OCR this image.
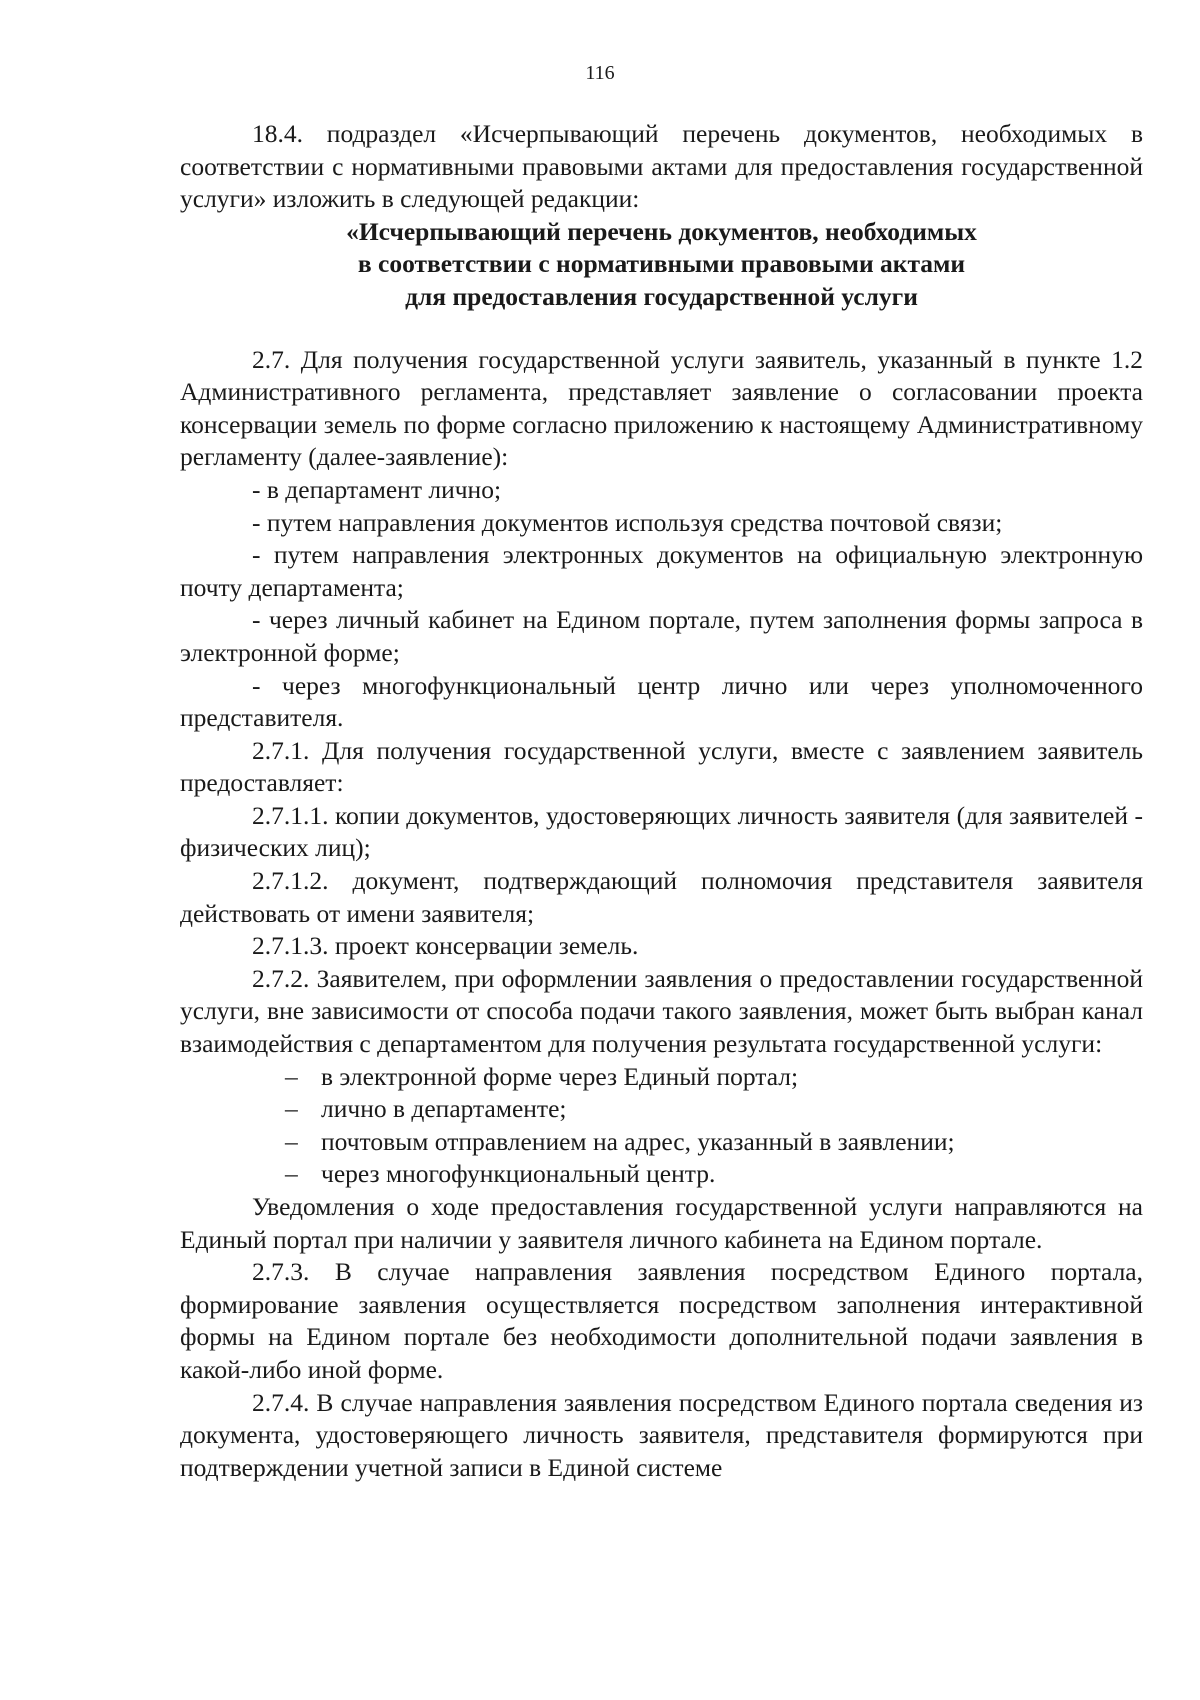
116

18.4. подраздел «Исчерпывающий перечень документов, необходимых в соответствии с нормативными правовыми актами для предоставления государственной услуги» изложить в следующей редакции:

«Исчерпывающий перечень документов, необходимых

в соответствии с нормативными правовыми актами

для предоставления государственной услуги

2.7. Для получения государственной услуги заявитель, указанный в пункте 1.2 Административного регламента, представляет заявление о согласовании проекта консервации земель по форме согласно приложению к настоящему Административному регламенту (далее-заявление):

- в департамент лично;

- путем направления документов используя средства почтовой связи;

- путем направления электронных документов на официальную электронную почту департамента;

- через личный кабинет на Едином портале, путем заполнения формы запроса в электронной форме;

- через многофункциональный центр лично или через уполномоченного представителя.

2.7.1. Для получения государственной услуги, вместе с заявлением заявитель предоставляет:

2.7.1.1. копии документов, удостоверяющих личность заявителя (для заявителей - физических лиц);

2.7.1.2. документ, подтверждающий полномочия представителя заявителя действовать от имени заявителя;

2.7.1.3. проект консервации земель.

2.7.2. Заявителем, при оформлении заявления о предоставлении государственной услуги, вне зависимости от способа подачи такого заявления, может быть выбран канал взаимодействия с департаментом для получения результата государственной услуги:

– в электронной форме через Единый портал;

– лично в департаменте;

– почтовым отправлением на адрес, указанный в заявлении;

– через многофункциональный центр.

Уведомления о ходе предоставления государственной услуги направляются на Единый портал при наличии у заявителя личного кабинета на Едином портале.

2.7.3. В случае направления заявления посредством Единого портала, формирование заявления осуществляется посредством заполнения интерактивной формы на Едином портале без необходимости дополнительной подачи заявления в какой-либо иной форме.

2.7.4. В случае направления заявления посредством Единого портала сведения из документа, удостоверяющего личность заявителя, представителя формируются при подтверждении учетной записи в Единой системе
